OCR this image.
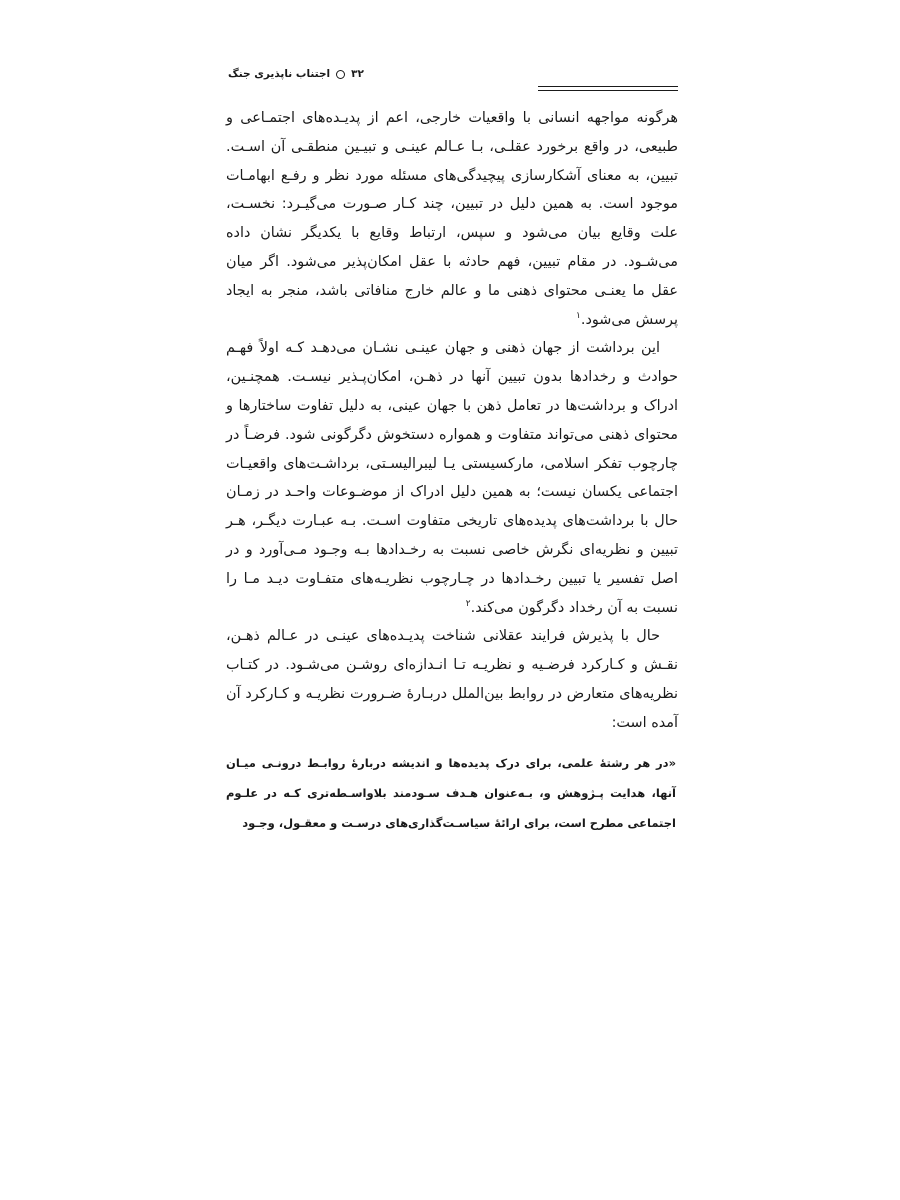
۳۲
اجتناب ناپذیری جنگ

هرگونه مواجهه انسانی با واقعیات خارجی، اعم از پدیـده‌های اجتمـاعی و طبیعی، در واقع برخورد عقلـی، بـا عـالم عینـی و تبیـین منطقـی آن اسـت. تبیین، به معنای آشکارسازی پیچیدگی‌های مسئله مورد نظر و رفـع ابهامـات موجود است. به همین دلیل در تبیین، چند کـار صـورت می‌گیـرد: نخسـت، علت وقایع بیان می‌شود و سپس، ارتباط وقایع با یکدیگر نشان داده می‌شـود. در مقام تبیین، فهم حادثه با عقل امکان‌پذیر می‌شود. اگر میان عقل ما یعنـی محتوای ذهنی ما و عالم خارج منافاتی باشد، منجر به ایجاد پرسش می‌شود.$^۱$

این برداشت از جهان ذهنی و جهان عینـی نشـان می‌دهـد کـه اولاً فهـم حوادث و رخدادها بدون تبیین آنها در ذهـن، امکان‌پـذیر نیسـت. همچنـین، ادراک و برداشت‌ها در تعامل ذهن با جهان عینی، به دلیل تفاوت ساختارها و محتوای ذهنی می‌تواند متفاوت و همواره دستخوش دگرگونی شود. فرضـاً در چارچوب تفکر اسلامی، مارکسیستی یـا لیبرالیسـتی، برداشـت‌های واقعیـات اجتماعی یکسان نیست؛ به همین دلیل ادراک از موضـوعات واحـد در زمـان حال با برداشت‌های پدیده‌های تاریخی متفاوت اسـت. بـه عبـارت دیگـر، هـر تبیین و نظریه‌ای نگرش خاصی نسبت به رخـدادها بـه وجـود مـی‌آورد و در اصل تفسیر یا تبیین رخـدادها در چـارچوب نظریـه‌های متفـاوت دیـد مـا را نسبت به آن رخداد دگرگون می‌کند.$^۲$

حال با پذیرش فرایند عقلانی شناخت پدیـده‌های عینـی در عـالم ذهـن، نقـش و کـارکرد فرضـیه و نظریـه تـا انـدازه‌ای روشـن می‌شـود. در کتـاب نظریه‌های متعارض در روابط بین‌الملل دربـارۀ ضـرورت نظریـه و کـارکرد آن آمده است:

«در هر رشتۀ علمی، برای درک پدیده‌ها و اندیشه دربارۀ روابـط درونـی میـان آنها، هدایت پـژوهش و، بـه‌عنوان هـدف سـودمند بلاواسـطه‌تری کـه در علـوم اجتماعی مطرح است، برای ارائۀ سیاسـت‌گذاری‌های درسـت و معقـول، وجـود
